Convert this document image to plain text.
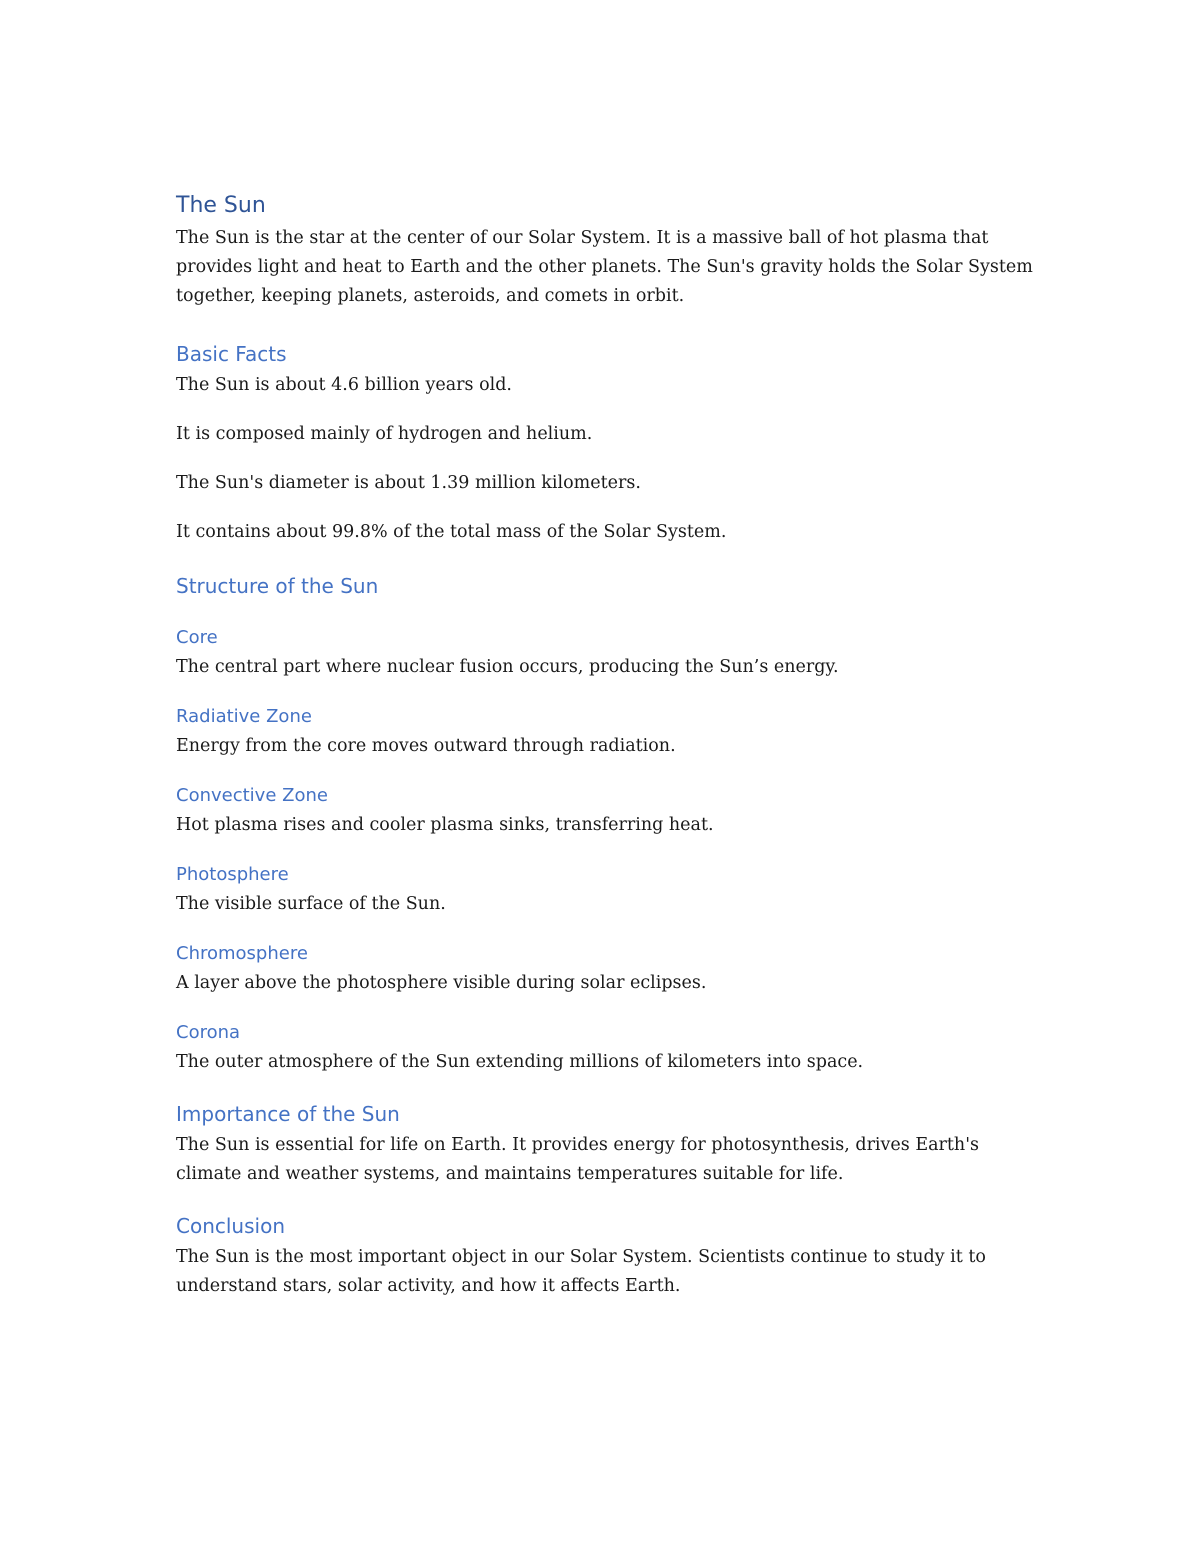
The Sun

The Sun is the star at the center of our Solar System. It is a massive ball of hot plasma that provides light and heat to Earth and the other planets. The Sun's gravity holds the Solar System together, keeping planets, asteroids, and comets in orbit.

Basic Facts

The Sun is about 4.6 billion years old.

It is composed mainly of hydrogen and helium.

The Sun's diameter is about 1.39 million kilometers.

It contains about 99.8% of the total mass of the Solar System.

Structure of the Sun
Core

The central part where nuclear fusion occurs, producing the Sun’s energy.

Radiative Zone

Energy from the core moves outward through radiation.

Convective Zone

Hot plasma rises and cooler plasma sinks, transferring heat.

Photosphere

The visible surface of the Sun.

Chromosphere

A layer above the photosphere visible during solar eclipses.

Corona

The outer atmosphere of the Sun extending millions of kilometers into space.

Importance of the Sun

The Sun is essential for life on Earth. It provides energy for photosynthesis, drives Earth's climate and weather systems, and maintains temperatures suitable for life.

Conclusion

The Sun is the most important object in our Solar System. Scientists continue to study it to understand stars, solar activity, and how it affects Earth.
